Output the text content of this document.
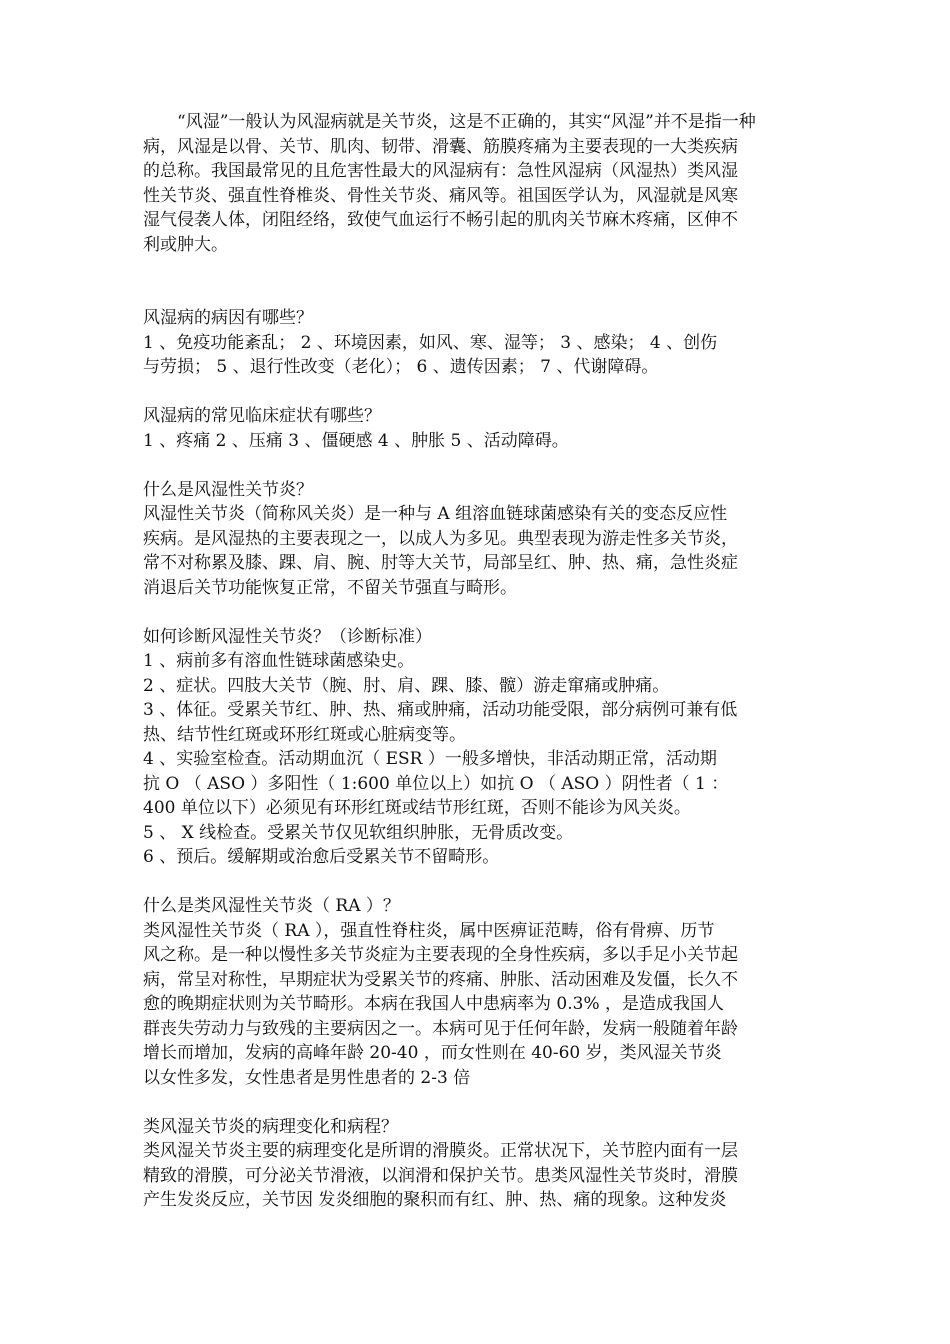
“风湿”一般认为风湿病就是关节炎，这是不正确的，其实“风湿”并不是指一种
病，风湿是以骨、关节、肌肉、韧带、滑囊、筋膜疼痛为主要表现的一大类疾病
的总称。我国最常见的且危害性最大的风湿病有：急性风湿病（风湿热）类风湿
性关节炎、强直性脊椎炎、骨性关节炎、痛风等。祖国医学认为，风湿就是风寒
湿气侵袭人体，闭阻经络，致使气血运行不畅引起的肌肉关节麻木疼痛，区伸不
利或肿大。
风湿病的病因有哪些？
1 、免疫功能紊乱； 2 、环境因素，如风、寒、湿等； 3 、感染； 4 、创伤
与劳损； 5 、退行性改变（老化）； 6 、遗传因素； 7 、代谢障碍。
风湿病的常见临床症状有哪些？
1 、疼痛 2 、压痛 3 、僵硬感 4 、肿胀 5 、活动障碍。
什么是风湿性关节炎？
风湿性关节炎（简称风关炎）是一种与 A 组溶血链球菌感染有关的变态反应性
疾病。是风湿热的主要表现之一，以成人为多见。典型表现为游走性多关节炎，
常不对称累及膝、踝、肩、腕、肘等大关节，局部呈红、肿、热、痛，急性炎症
消退后关节功能恢复正常，不留关节强直与畸形。
如何诊断风湿性关节炎？（诊断标准）
1 、病前多有溶血性链球菌感染史。
2 、症状。四肢大关节（腕、肘、肩、踝、膝、髋）游走窜痛或肿痛。
3 、体征。受累关节红、肿、热、痛或肿痛，活动功能受限，部分病例可兼有低
热、结节性红斑或环形红斑或心脏病变等。
4 、实验室检查。活动期血沉（ ESR ）一般多增快，非活动期正常，活动期
抗 O （ ASO ）多阳性（ 1:600 单位以上）如抗 O （ ASO ）阴性者（ 1 ：
400 单位以下）必须见有环形红斑或结节形红斑，否则不能诊为风关炎。
5 、 X 线检查。受累关节仅见软组织肿胀，无骨质改变。
6 、预后。缓解期或治愈后受累关节不留畸形。
什么是类风湿性关节炎（ RA ）？
类风湿性关节炎（ RA ），强直性脊柱炎，属中医痹证范畴，俗有骨痹、历节
风之称。是一种以慢性多关节炎症为主要表现的全身性疾病，多以手足小关节起
病，常呈对称性，早期症状为受累关节的疼痛、肿胀、活动困难及发僵，长久不
愈的晚期症状则为关节畸形。本病在我国人中患病率为 0.3% ，是造成我国人
群丧失劳动力与致残的主要病因之一。本病可见于任何年龄，发病一般随着年龄
增长而增加，发病的高峰年龄 20-40 ，而女性则在 40-60 岁，类风湿关节炎
以女性多发，女性患者是男性患者的 2-3 倍
类风湿关节炎的病理变化和病程？
类风湿关节炎主要的病理变化是所谓的滑膜炎。正常状况下，关节腔内面有一层
精致的滑膜，可分泌关节滑液，以润滑和保护关节。患类风湿性关节炎时，滑膜
产生发炎反应，关节因 发炎细胞的聚积而有红、肿、热、痛的现象。这种发炎
